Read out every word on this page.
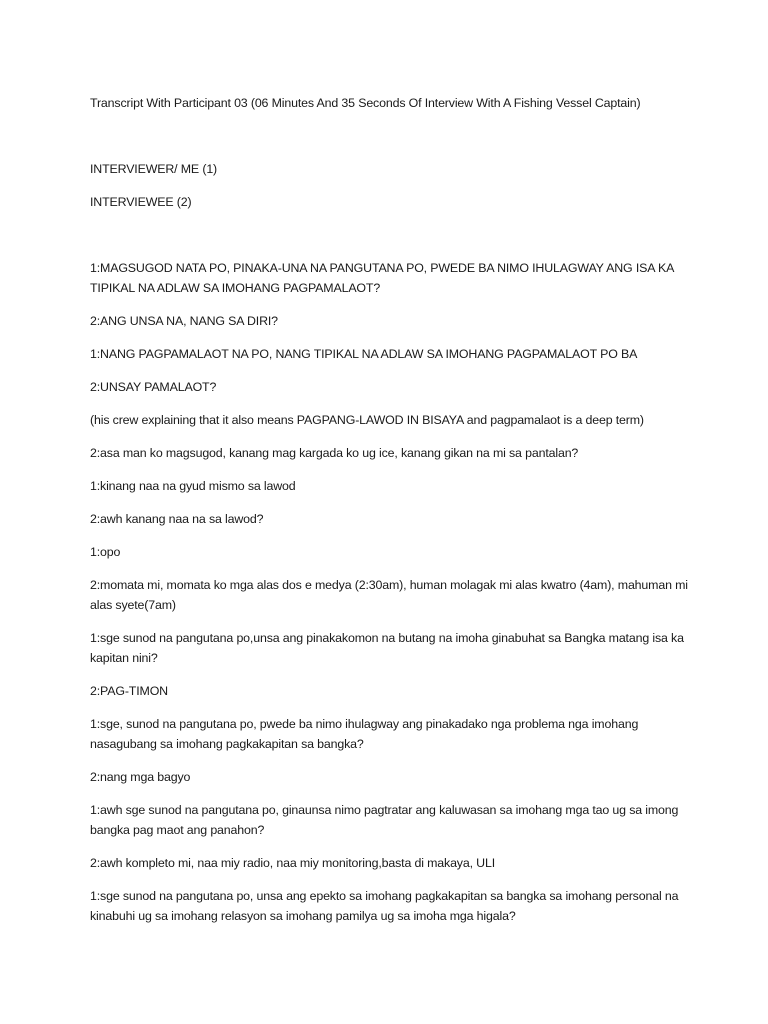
Transcript With Participant 03 (06 Minutes And 35 Seconds Of Interview With A Fishing Vessel Captain)

INTERVIEWER/ ME (1)

INTERVIEWEE (2)

1:MAGSUGOD NATA PO, PINAKA-UNA NA PANGUTANA PO, PWEDE BA NIMO IHULAGWAY ANG ISA KA TIPIKAL NA ADLAW SA IMOHANG PAGPAMALAOT?

2:ANG UNSA NA, NANG SA DIRI?

1:NANG PAGPAMALAOT NA PO, NANG TIPIKAL NA ADLAW SA IMOHANG PAGPAMALAOT PO BA

2:UNSAY PAMALAOT?

(his crew explaining that it also means PAGPANG-LAWOD IN BISAYA and pagpamalaot is a deep term)

2:asa man ko magsugod, kanang mag kargada ko ug ice, kanang gikan na mi sa pantalan?

1:kinang naa na gyud mismo sa lawod

2:awh kanang naa na sa lawod?

1:opo

2:momata mi, momata ko mga alas dos e medya (2:30am), human molagak mi alas kwatro (4am), mahuman mi alas syete(7am)

1:sge sunod na pangutana po,unsa ang pinakakomon na butang na imoha ginabuhat sa Bangka matang isa ka kapitan nini?

2:PAG-TIMON

1:sge, sunod na pangutana po, pwede ba nimo ihulagway ang pinakadako nga problema nga imohang nasagubang sa imohang pagkakapitan sa bangka?

2:nang mga bagyo

1:awh sge sunod na pangutana po, ginaunsa nimo pagtratar ang kaluwasan sa imohang mga tao ug sa imong bangka pag maot ang panahon?

2:awh kompleto mi, naa miy radio, naa miy monitoring,basta di makaya, ULI

1:sge sunod na pangutana po, unsa ang epekto sa imohang pagkakapitan sa bangka sa imohang personal na kinabuhi ug sa imohang relasyon sa imohang pamilya ug sa imoha mga higala?
